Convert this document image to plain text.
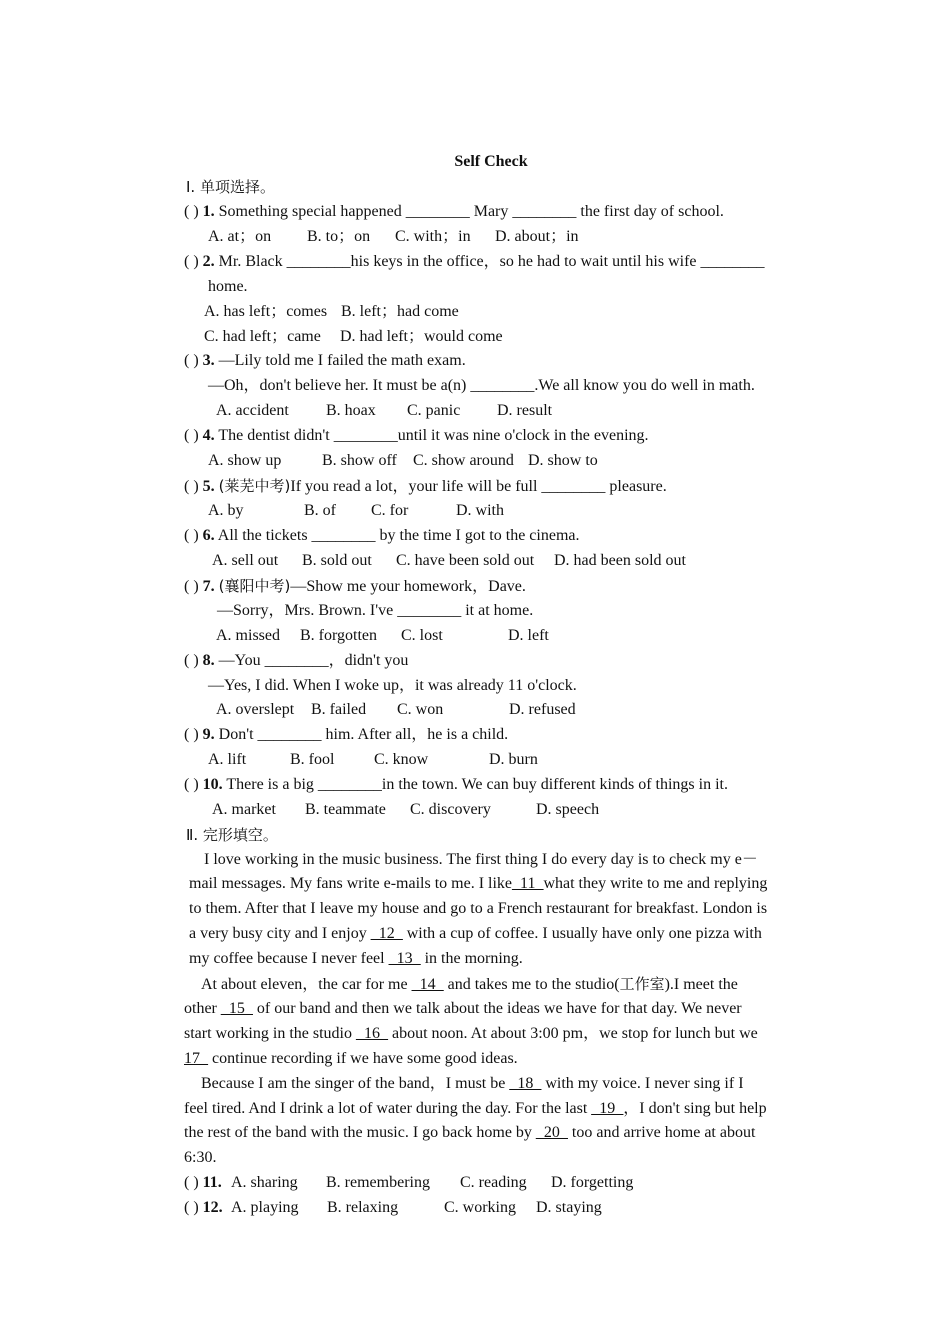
Self Check
Ⅰ. 单项选择。
( ) 1. Something special happened ________ Mary ________ the first day of school.
A. at；on B. to；on C. with；in D. about；in
( ) 2. Mr. Black ________his keys in the office，so he had to wait until his wife ________
home.
A. has left；comes B. left；had come
C. had left；came D. had left；would come
( ) 3. —Lily told me I failed the math exam.
—Oh，don't believe her. It must be a(n) ________.We all know you do well in math.
A. accident B. hoax C. panic D. result
( ) 4. The dentist didn't ________until it was nine o'clock in the evening.
A. show up	B. show off C. show around D. show to
( ) 5. (莱芜中考)If you read a lot，your life will be full ________ pleasure.
A. by	B. of C. for	D. with
( ) 6. All the tickets ________ by the time I got to the cinema.
A. sell out B. sold out C. have been sold out D. had been sold out
( ) 7. (襄阳中考)—Show me your homework，Dave.
—Sorry，Mrs. Brown. I've ________ it at home.
A. missed B. forgotten C. lost	D. left
( ) 8. —You ________，didn't you
—Yes, I did. When I woke up，it was already 11 o'clock.
A. overslept B. failed C. won	D. refused
( ) 9. Don't ________ him. After all，he is a child.
A. lift	B. fool C. know	D. burn
( ) 10. There is a big ________in the town. We can buy different kinds of things in it.
A. market B. teammate C. discovery	D. speech
Ⅱ. 完形填空。
I love working in the music business. The first thing I do every day is to check my e－
mail messages. My fans write e-mails to me. I like_11_what they write to me and replying
to them. After that I leave my house and go to a French restaurant for breakfast. London is
a very busy city and I enjoy _12_ with a cup of coffee. I usually have only one pizza with
my coffee because I never feel _13_ in the morning.
At about eleven，the car for me _14_ and takes me to the studio(工作室).I meet the
other _15_ of our band and then we talk about the ideas we have for that day. We never
start working in the studio _16_ about noon. At about 3:00 pm，we stop for lunch but we
17_ continue recording if we have some good ideas.
Because I am the singer of the band，I must be _18_ with my voice. I never sing if I
feel tired. And I drink a lot of water during the day. For the last _19_，I don't sing but help
the rest of the band with the music. I go back home by _20_ too and arrive home at about
6:30.
( ) 11. A. sharing B. remembering C. reading D. forgetting
( ) 12. A. playing B. relaxing	C. working D. staying
